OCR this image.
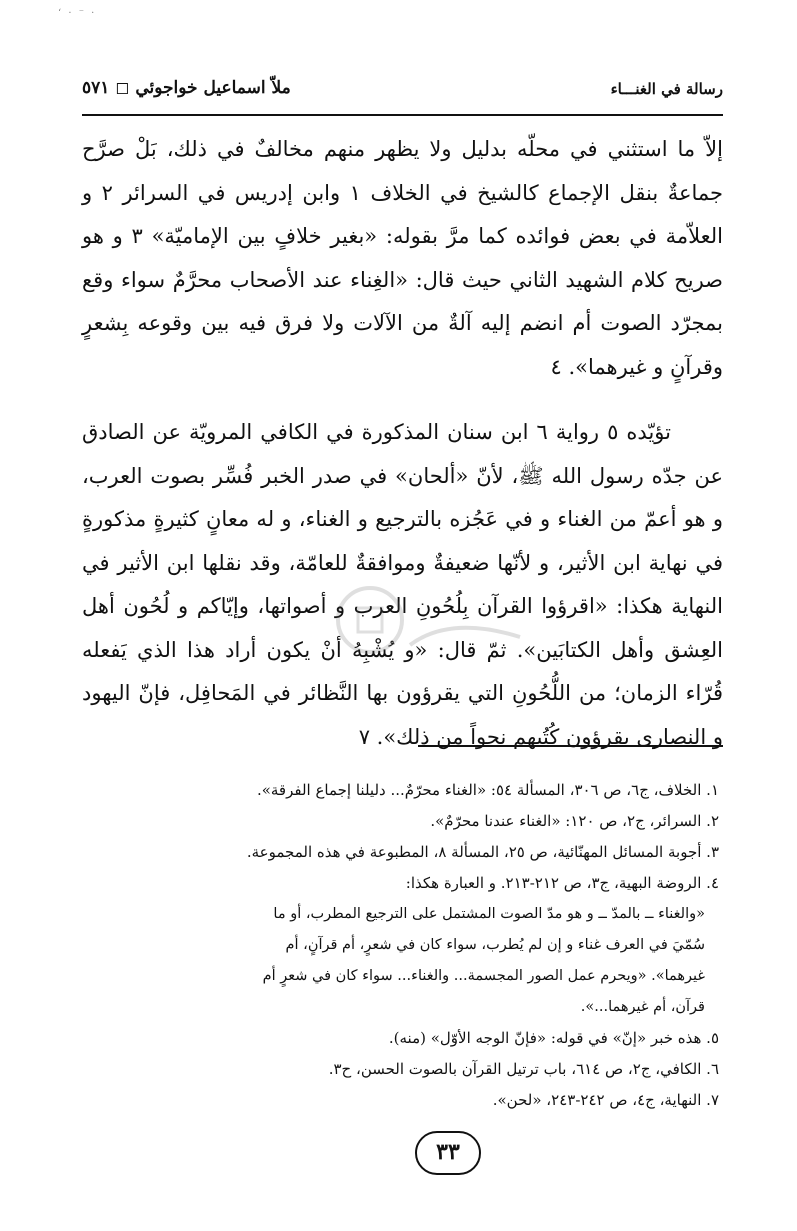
‘ · ⁻ ·
رسالة في الغنـــاء
ملاّ اسماعيل خواجوئي ◻ ٥٧١

إلاّ ما استثني في محلّه بدليل ولا يظهر منهم مخالفٌ في ذلك، بَلْ صرَّح جماعةٌ بنقل الإجماع كالشيخ في الخلاف ١ وابن إدريس في السرائر ٢ و العلاّمة في بعض فوائده كما مرَّ بقوله: «بغير خلافٍ بين الإماميّة» ٣ و هو صريح كلام الشهيد الثاني حيث قال: «الغِناء عند الأصحاب محرَّمٌ سواء وقع بمجرّد الصوت أم انضم إليه آلةٌ من الآلات ولا فرق فيه بين وقوعه بِشعرٍ وقرآنٍ و غيرهما». ٤

تؤيّده ٥ رواية ٦ ابن سنان المذكورة في الكافي المرويّة عن الصادق عن جدّه رسول الله ﷺ، لأنّ «ألحان» في صدر الخبر فُسِّر بصوت العرب، و هو أعمّ من الغناء و في عَجُزه بالترجيع و الغناء، و له معانٍ كثيرةٍ مذكورةٍ في نهاية ابن الأثير، و لأنّها ضعيفةٌ وموافقةٌ للعامّة، وقد نقلها ابن الأثير في النهاية هكذا: «اقرؤوا القرآن بِلُحُونِ العرب و أصواتها، وإيّاكم و لُحُون أهل العِشق وأهل الكتابَين». ثمّ قال: «و يُشْبِهُ أنْ يكون أراد هذا الذي يَفعله قُرّاء الزمان؛ من اللُّحُونِ التي يقرؤون بها النَّظائر في المَحافِل، فإنّ اليهود و النصارى يقرؤون كُتُبهم نحواً من ذلك». ٧

١. الخلاف، ج٦، ص ٣٠٦، المسألة ٥٤: «الغناء محرّمٌ... دليلنا إجماع الفرقة».
٢. السرائر، ج٢، ص ١٢٠: «الغناء عندنا محرّمٌ».
٣. أجوبة المسائل المهنّائية، ص ٢٥، المسألة ٨، المطبوعة في هذه المجموعة.
٤. الروضة البهية، ج٣، ص ٢١٢-٢١٣. و العبارة هكذا:
«والغناء ــ بالمدّ ــ و هو مدّ الصوت المشتمل على الترجيع المطرب، أو ما
سُمّيَ في العرف غناء و إن لم يُطرب، سواء كان في شعرٍ، أم قرآنٍ، أم
غيرهما». «ويحرم عمل الصور المجسمة... والغناء... سواء كان في شعرٍ أم
قرآن، أم غيرهما...».
٥. هذه خبر «إنّ» في قوله: «فإنّ الوجه الأوّل» (منه).
٦. الكافي، ج٢، ص ٦١٤، باب ترتيل القرآن بالصوت الحسن، ح٣.
٧. النهاية، ج٤، ص ٢٤٢-٢٤٣، «لحن».
٣٣
